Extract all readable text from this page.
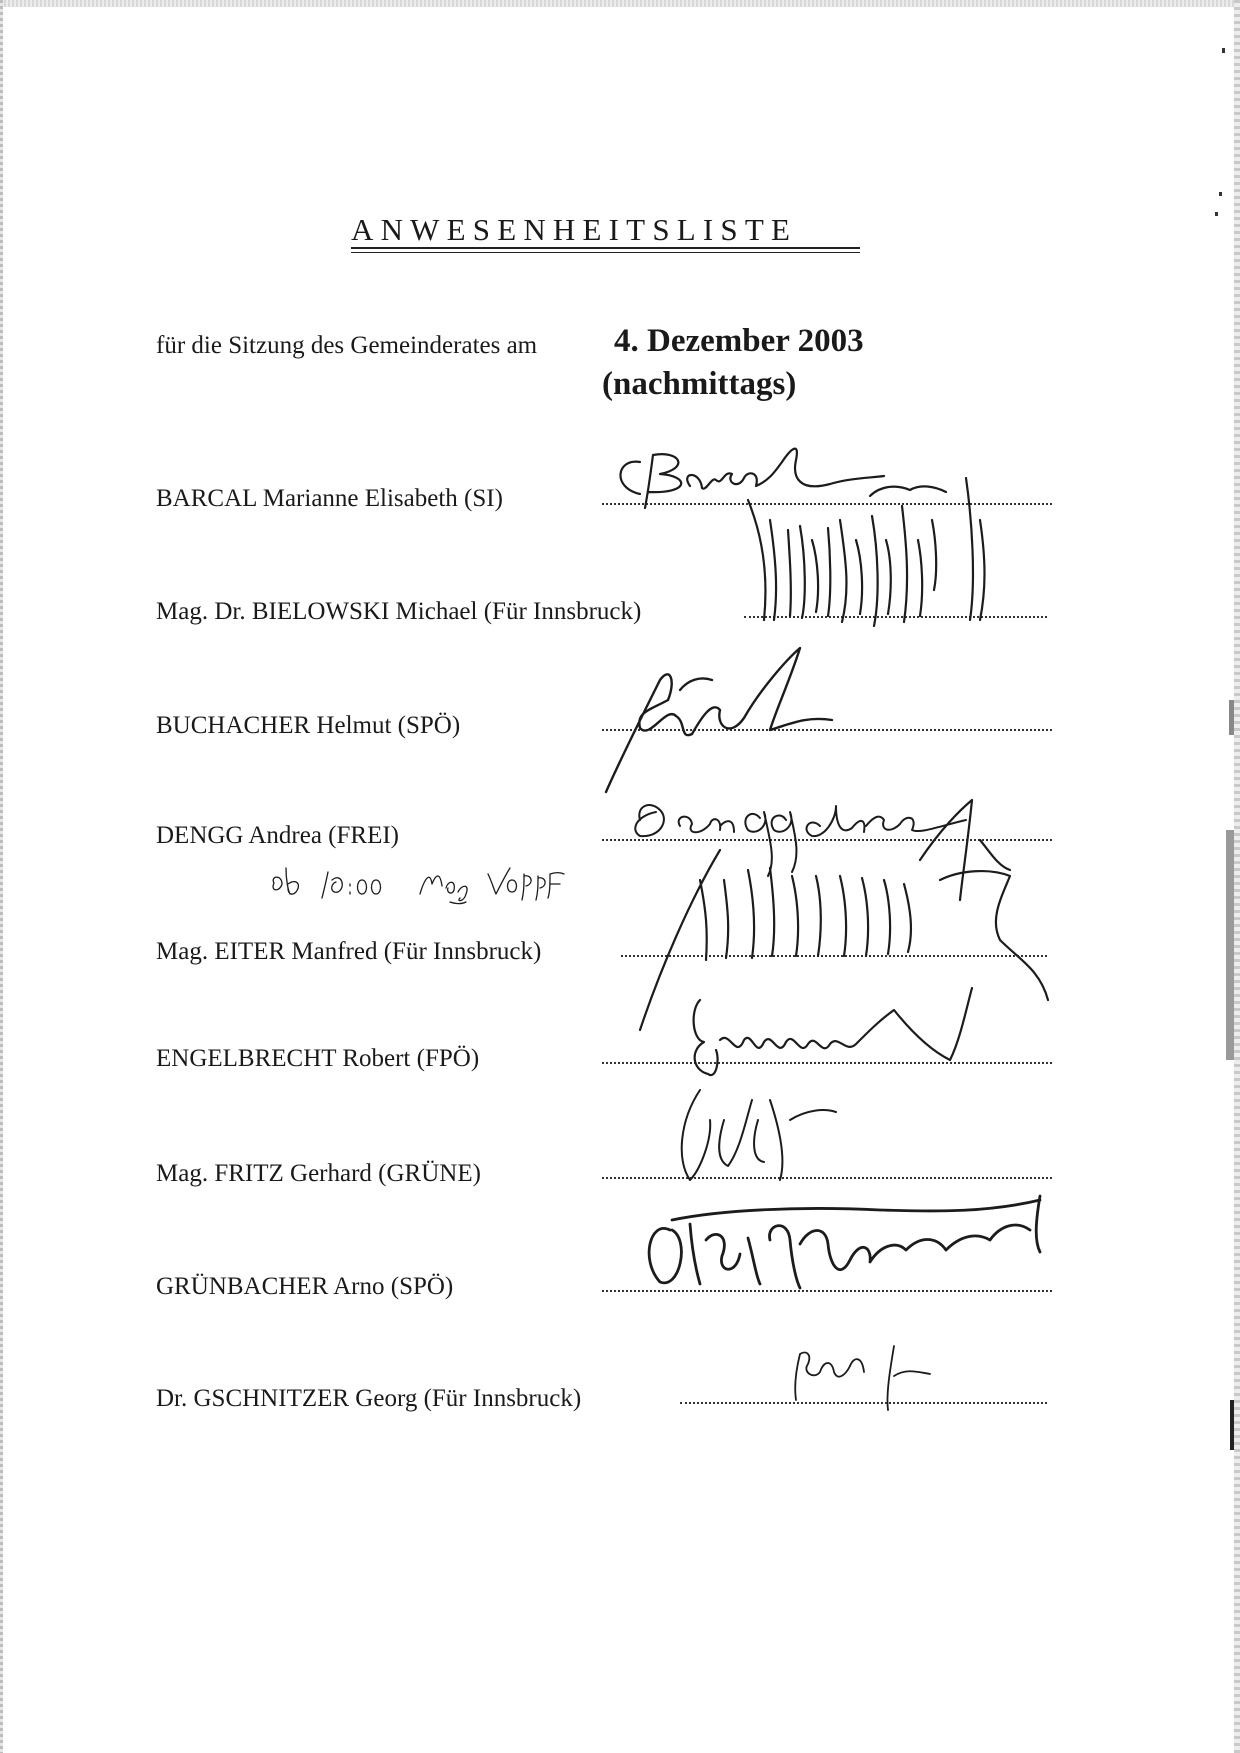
ANWESENHEITSLISTE
für die Sitzung des Gemeinderates am 4. Dezember 2003
(nachmittags)
BARCAL Marianne Elisabeth (SI)
Mag. Dr. BIELOWSKI Michael (Für Innsbruck)
BUCHACHER Helmut (SPÖ)
DENGG Andrea (FREI)
Mag. EITER Manfred (Für Innsbruck)
ENGELBRECHT Robert (FPÖ)
Mag. FRITZ Gerhard (GRÜNE)
GRÜNBACHER Arno (SPÖ)
Dr. GSCHNITZER Georg (Für Innsbruck)
